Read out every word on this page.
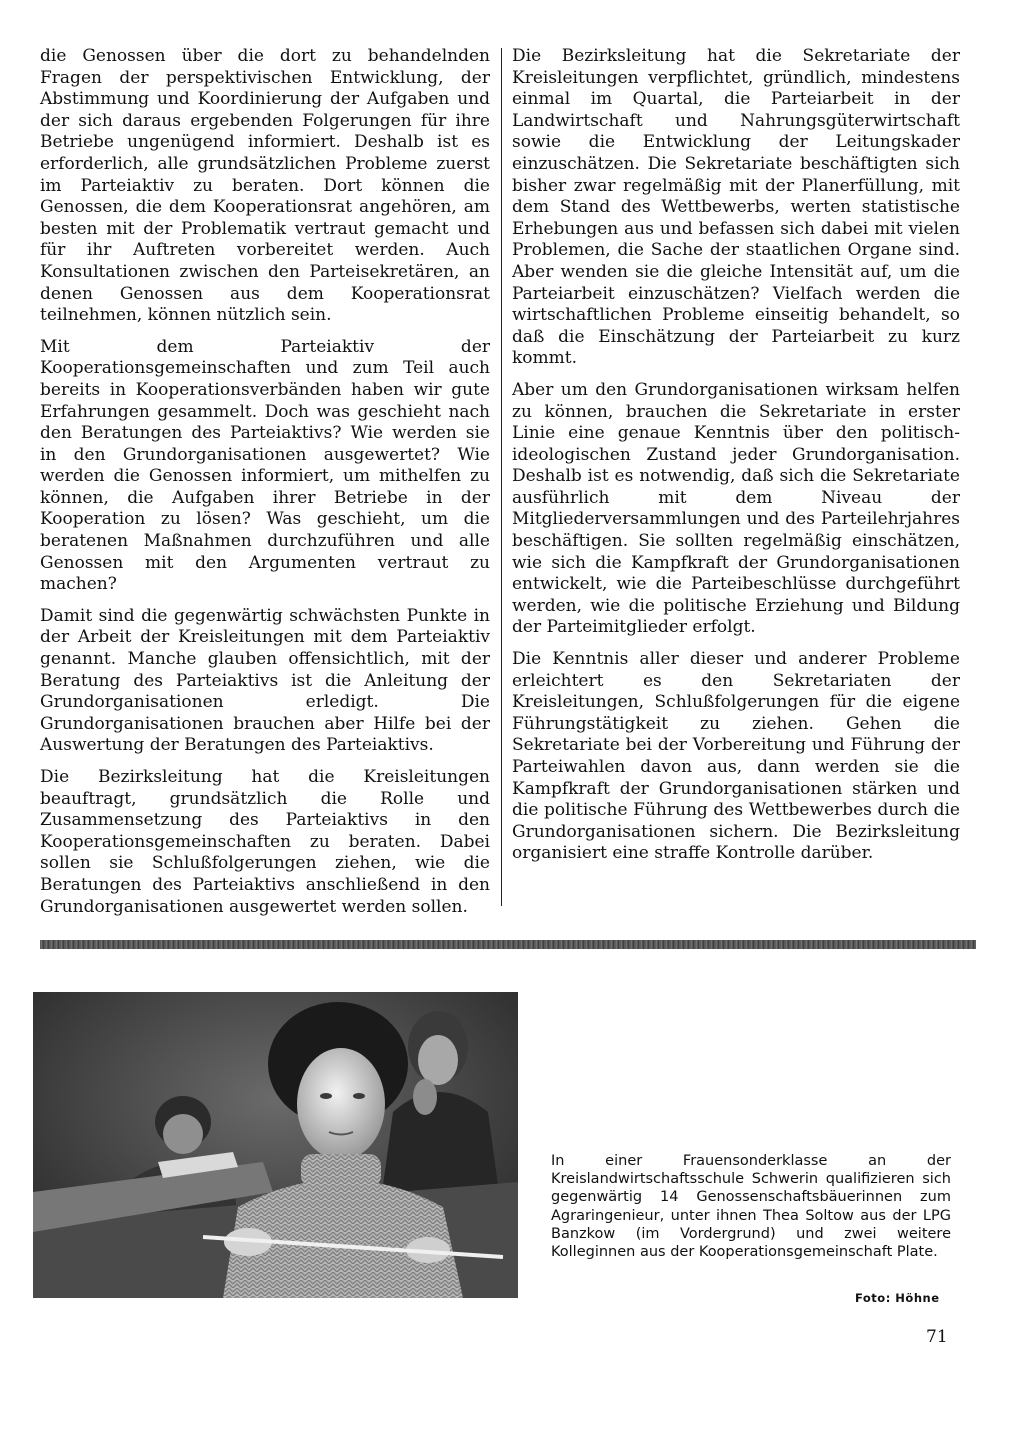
die Genossen über die dort zu behandelnden Fragen der perspektivischen Entwicklung, der Abstimmung und Koordinierung der Aufgaben und der sich daraus ergebenden Folgerungen für ihre Betriebe ungenügend informiert. Deshalb ist es erforderlich, alle grundsätzlichen Probleme zuerst im Parteiaktiv zu beraten. Dort können die Genossen, die dem Kooperationsrat angehören, am besten mit der Problematik vertraut gemacht und für ihr Auftreten vorbereitet werden. Auch Konsultationen zwischen den Parteisekretären, an denen Genossen aus dem Kooperationsrat teilnehmen, können nützlich sein.

Mit dem Parteiaktiv der Kooperationsgemeinschaften und zum Teil auch bereits in Kooperationsverbänden haben wir gute Erfahrungen gesammelt. Doch was geschieht nach den Beratungen des Parteiaktivs? Wie werden sie in den Grundorganisationen ausgewertet? Wie werden die Genossen informiert, um mithelfen zu können, die Aufgaben ihrer Betriebe in der Kooperation zu lösen? Was geschieht, um die beratenen Maßnahmen durchzuführen und alle Genossen mit den Argumenten vertraut zu machen?

Damit sind die gegenwärtig schwächsten Punkte in der Arbeit der Kreisleitungen mit dem Parteiaktiv genannt. Manche glauben offensichtlich, mit der Beratung des Parteiaktivs ist die Anleitung der Grundorganisationen erledigt. Die Grundorganisationen brauchen aber Hilfe bei der Auswertung der Beratungen des Parteiaktivs.

Die Bezirksleitung hat die Kreisleitungen beauftragt, grundsätzlich die Rolle und Zusammensetzung des Parteiaktivs in den Kooperationsgemeinschaften zu beraten. Dabei sollen sie Schlußfolgerungen ziehen, wie die Beratungen des Parteiaktivs anschließend in den Grundorganisationen ausgewertet werden sollen.

Die Bezirksleitung hat die Sekretariate der Kreisleitungen verpflichtet, gründlich, mindestens einmal im Quartal, die Parteiarbeit in der Landwirtschaft und Nahrungsgüterwirtschaft sowie die Entwicklung der Leitungskader einzuschätzen. Die Sekretariate beschäftigten sich bisher zwar regelmäßig mit der Planerfüllung, mit dem Stand des Wettbewerbs, werten statistische Erhebungen aus und befassen sich dabei mit vielen Problemen, die Sache der staatlichen Organe sind. Aber wenden sie die gleiche Intensität auf, um die Parteiarbeit einzuschätzen? Vielfach werden die wirtschaftlichen Probleme einseitig behandelt, so daß die Einschätzung der Parteiarbeit zu kurz kommt.

Aber um den Grundorganisationen wirksam helfen zu können, brauchen die Sekretariate in erster Linie eine genaue Kenntnis über den politisch-ideologischen Zustand jeder Grundorganisation. Deshalb ist es notwendig, daß sich die Sekretariate ausführlich mit dem Niveau der Mitgliederversammlungen und des Parteilehrjahres beschäftigen. Sie sollten regelmäßig einschätzen, wie sich die Kampfkraft der Grundorganisationen entwickelt, wie die Parteibeschlüsse durchgeführt werden, wie die politische Erziehung und Bildung der Parteimitglieder erfolgt.

Die Kenntnis aller dieser und anderer Probleme erleichtert es den Sekretariaten der Kreisleitungen, Schlußfolgerungen für die eigene Führungstätigkeit zu ziehen. Gehen die Sekretariate bei der Vorbereitung und Führung der Parteiwahlen davon aus, dann werden sie die Kampfkraft der Grundorganisationen stärken und die politische Führung des Wettbewerbes durch die Grundorganisationen sichern. Die Bezirksleitung organisiert eine straffe Kontrolle darüber.

In einer Frauensonderklasse an der Kreislandwirtschaftsschule Schwerin qualifizieren sich gegenwärtig 14 Genossenschaftsbäuerinnen zum Agraringenieur, unter ihnen Thea Soltow aus der LPG Banzkow (im Vordergrund) und zwei weitere Kolleginnen aus der Kooperationsgemeinschaft Plate.

Foto: Höhne
71
